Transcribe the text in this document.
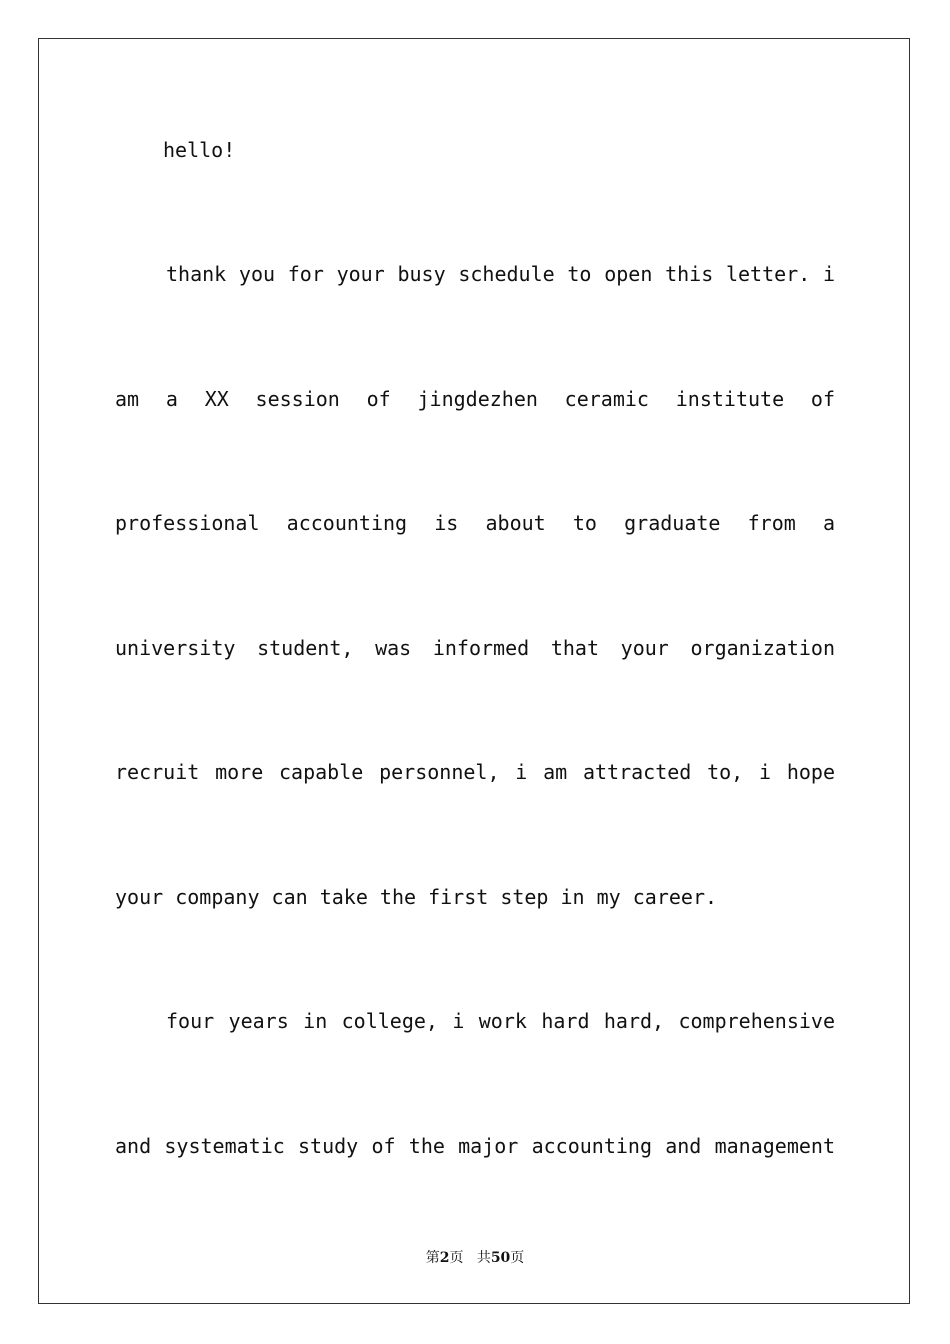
hello!

thank you for your busy schedule to open this letter. i

am a XX session of jingdezhen ceramic institute of

professional accounting is about to graduate from a

university student, was informed that your organization

recruit more capable personnel, i am attracted to, i hope

your company can take the first step in my career.

four years in college, i work hard hard, comprehensive

and systematic study of the major accounting and management

第2页 共50页
